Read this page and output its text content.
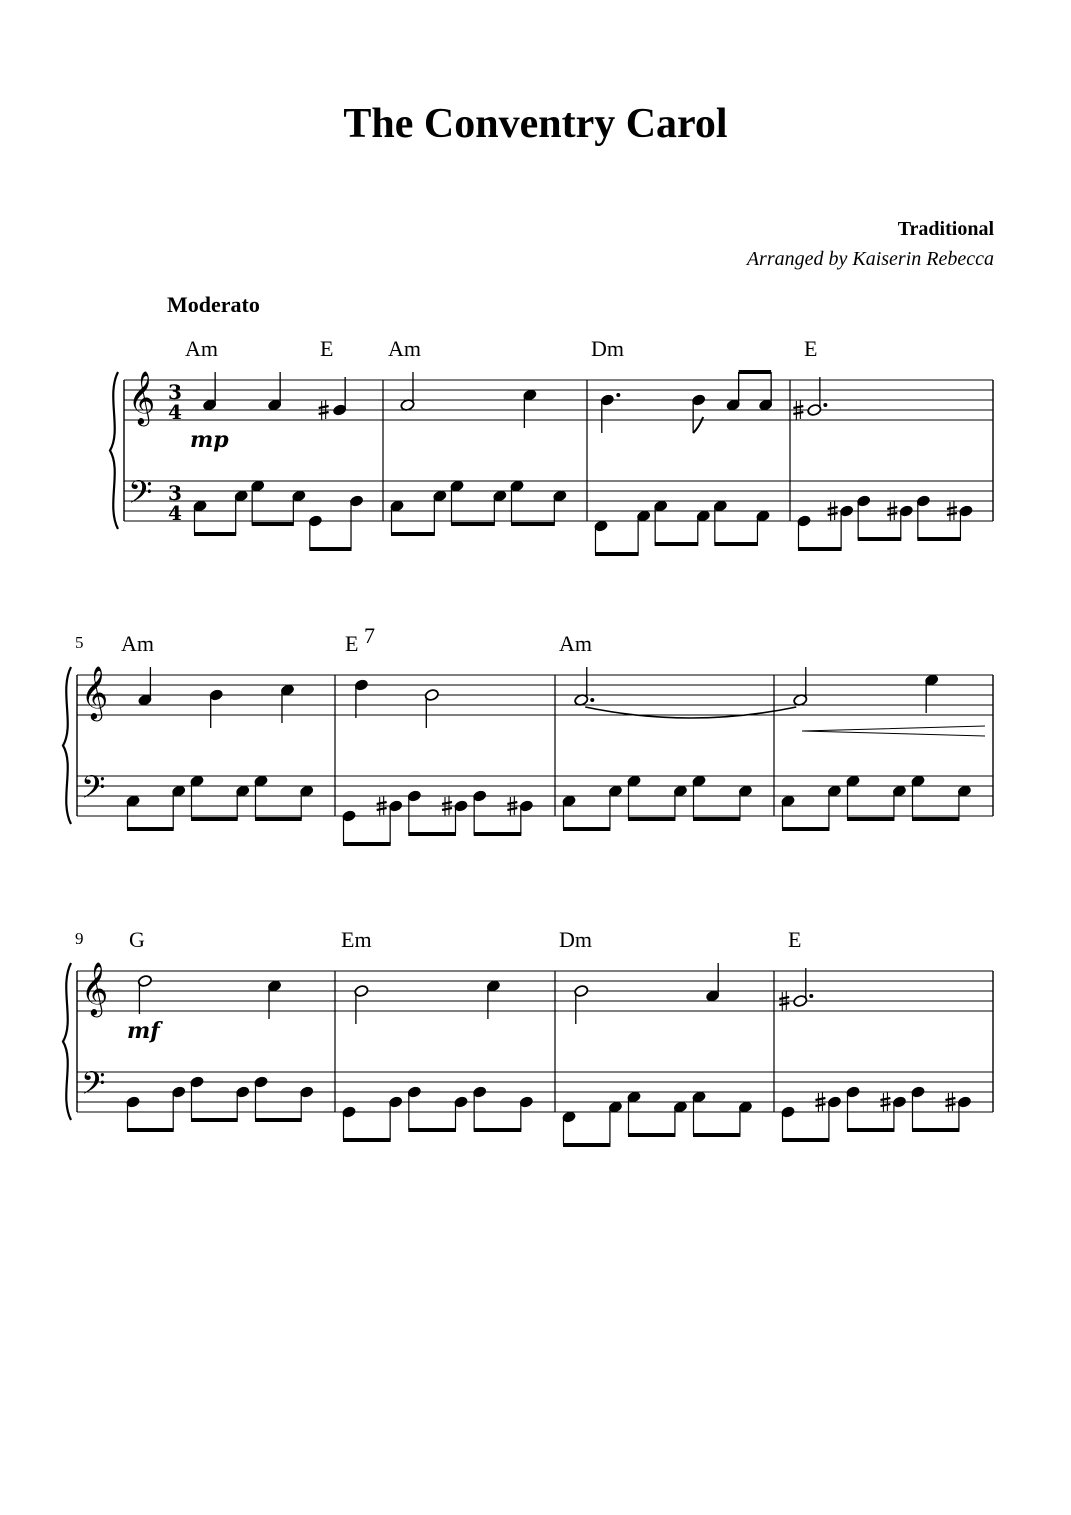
The Conventry Carol
Traditional
Arranged by Kaiserin Rebecca
Moderato
𝄞
𝄢
3
4
3
4
Am	E Am	Dm	E
mp
𝄞
𝄢
5 Am	E 7	Am
𝄞
𝄢
9 G	Em	Dm	E
mf
